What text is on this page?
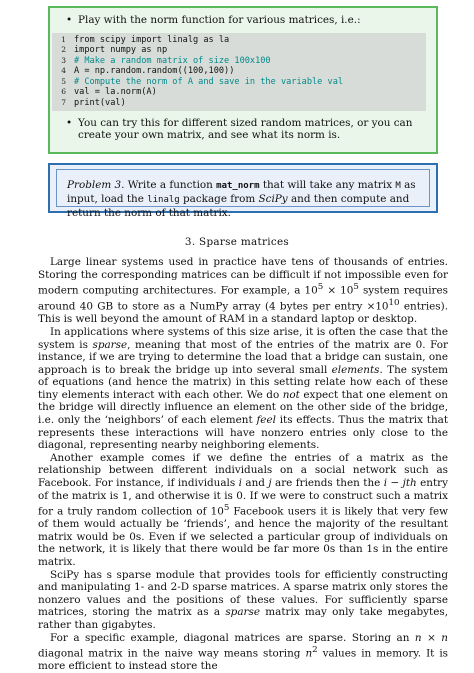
• Play with the norm function for various matrices, i.e.:
1 from scipy import linalg as la
2 import numpy as np
3 # Make a random matrix of size 100x100
4 A = np.random.random((100,100))
5 # Compute the norm of A and save in the variable val
6 val = la.norm(A)
7 print(val)
• You can try this for different sized random matrices, or you can create your own matrix, and see what its norm is.
Problem 3. Write a function mat_norm that will take any matrix M as input, load the linalg package from SciPy and then compute and return the norm of that matrix.
3. Sparse matrices

Large linear systems used in practice have tens of thousands of entries. Storing the corresponding matrices can be difficult if not impossible even for modern computing architectures. For example, a $10^5 \times 10^5$ system requires around 40 GB to store as a NumPy array (4 bytes per entry $\times 10^{10}$ entries). This is well beyond the amount of RAM in a standard laptop or desktop.

In applications where systems of this size arise, it is often the case that the system is sparse, meaning that most of the entries of the matrix are 0. For instance, if we are trying to determine the load that a bridge can sustain, one approach is to break the bridge up into several small elements. The system of equations (and hence the matrix) in this setting relate how each of these tiny elements interact with each other. We do not expect that one element on the bridge will directly influence an element on the other side of the bridge, i.e. only the ‘neighbors’ of each element feel its effects. Thus the matrix that represents these interactions will have nonzero entries only close to the diagonal, representing nearby neighboring elements.

Another example comes if we define the entries of a matrix as the relationship between different individuals on a social network such as Facebook. For instance, if individuals i and j are friends then the i − jth entry of the matrix is 1, and otherwise it is 0. If we were to construct such a matrix for a truly random collection of $10^5$ Facebook users it is likely that very few of them would actually be ‘friends’, and hence the majority of the resultant matrix would be 0s. Even if we selected a particular group of individuals on the network, it is likely that there would be far more 0s than 1s in the entire matrix.

SciPy has s sparse module that provides tools for efficiently constructing and manipulating 1- and 2-D sparse matrices. A sparse matrix only stores the nonzero values and the positions of these values. For sufficiently sparse matrices, storing the matrix as a sparse matrix may only take megabytes, rather than gigabytes.

For a specific example, diagonal matrices are sparse. Storing an n × n diagonal matrix in the naive way means storing $n^2$ values in memory. It is more efficient to instead store the
